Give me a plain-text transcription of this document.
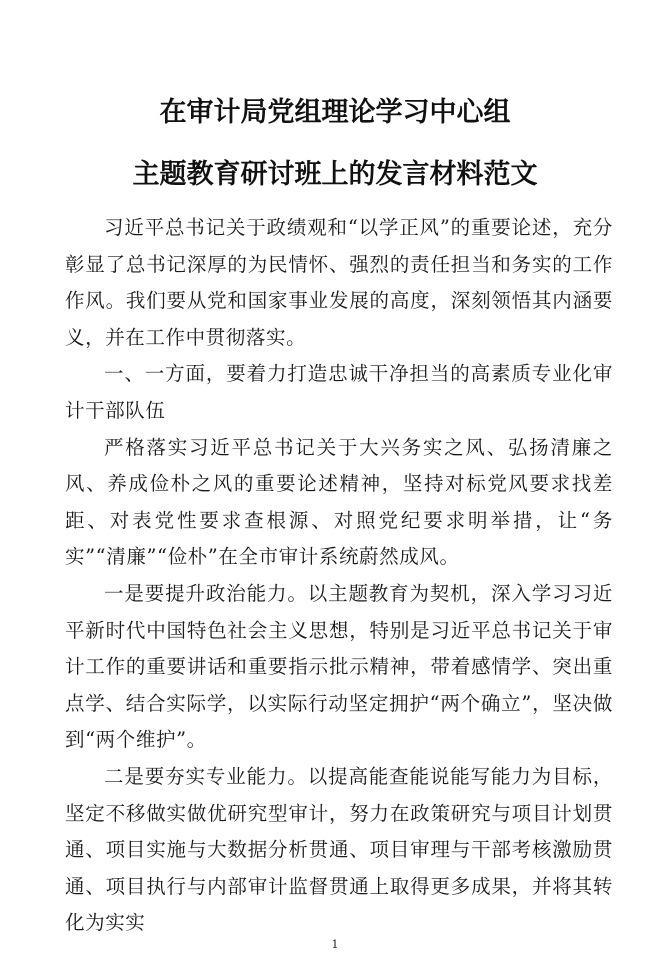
在审计局党组理论学习中心组
主题教育研讨班上的发言材料范文

习近平总书记关于政绩观和“以学正风”的重要论述，充分彰显了总书记深厚的为民情怀、强烈的责任担当和务实的工作作风。我们要从党和国家事业发展的高度，深刻领悟其内涵要义，并在工作中贯彻落实。

一、一方面，要着力打造忠诚干净担当的高素质专业化审计干部队伍

严格落实习近平总书记关于大兴务实之风、弘扬清廉之风、养成俭朴之风的重要论述精神，坚持对标党风要求找差距、对表党性要求查根源、对照党纪要求明举措，让“务实”“清廉”“俭朴”在全市审计系统蔚然成风。

一是要提升政治能力。以主题教育为契机，深入学习习近平新时代中国特色社会主义思想，特别是习近平总书记关于审计工作的重要讲话和重要指示批示精神，带着感情学、突出重点学、结合实际学，以实际行动坚定拥护“两个确立”，坚决做到“两个维护”。

二是要夯实专业能力。以提高能查能说能写能力为目标，坚定不移做实做优研究型审计，努力在政策研究与项目计划贯通、项目实施与大数据分析贯通、项目审理与干部考核激励贯通、项目执行与内部审计监督贯通上取得更多成果，并将其转化为实实

1
